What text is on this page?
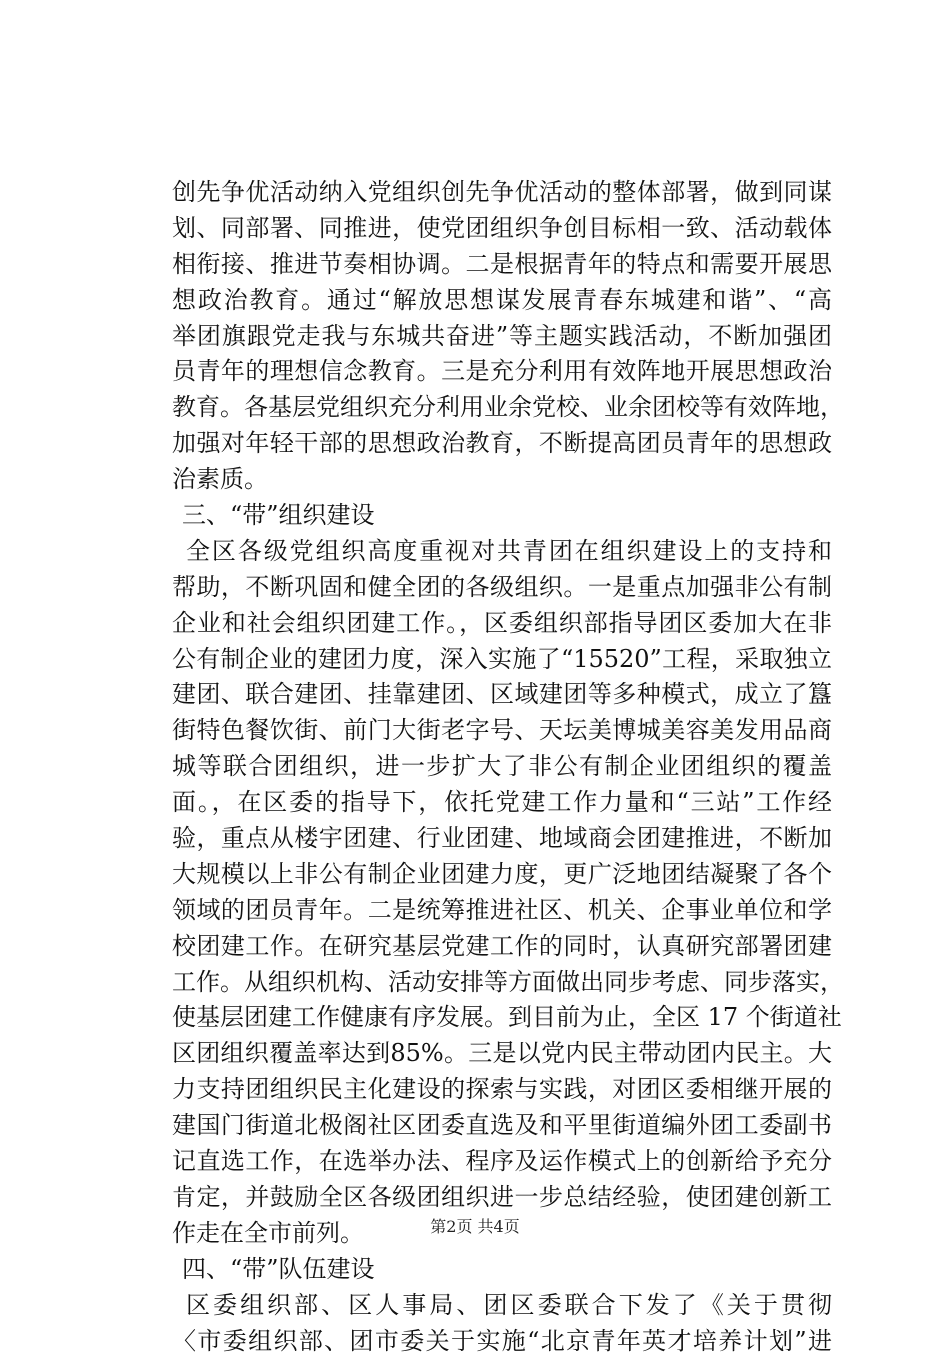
创先争优活动纳入党组织创先争优活动的整体部署，做到同谋
划、同部署、同推进，使党团组织争创目标相一致、活动载体
相衔接、推进节奏相协调。二是根据青年的特点和需要开展思
想政治教育。通过“解放思想谋发展青春东城建和谐”、“高
举团旗跟党走我与东城共奋进”等主题实践活动，不断加强团
员青年的理想信念教育。三是充分利用有效阵地开展思想政治
教育。各基层党组织充分利用业余党校、业余团校等有效阵地，
加强对年轻干部的思想政治教育，不断提高团员青年的思想政
治素质。
三、“带”组织建设
全区各级党组织高度重视对共青团在组织建设上的支持和
帮助，不断巩固和健全团的各级组织。一是重点加强非公有制
企业和社会组织团建工作。，区委组织部指导团区委加大在非
公有制企业的建团力度，深入实施了“15520”工程，采取独立
建团、联合建团、挂靠建团、区域建团等多种模式，成立了簋
街特色餐饮街、前门大街老字号、天坛美博城美容美发用品商
城等联合团组织，进一步扩大了非公有制企业团组织的覆盖
面。，在区委的指导下，依托党建工作力量和“三站”工作经
验，重点从楼宇团建、行业团建、地域商会团建推进，不断加
大规模以上非公有制企业团建力度，更广泛地团结凝聚了各个
领域的团员青年。二是统筹推进社区、机关、企事业单位和学
校团建工作。在研究基层党建工作的同时，认真研究部署团建
工作。从组织机构、活动安排等方面做出同步考虑、同步落实，
使基层团建工作健康有序发展。到目前为止，全区 17 个街道社
区团组织覆盖率达到85%。三是以党内民主带动团内民主。大
力支持团组织民主化建设的探索与实践，对团区委相继开展的
建国门街道北极阁社区团委直选及和平里街道编外团工委副书
记直选工作，在选举办法、程序及运作模式上的创新给予充分
肯定，并鼓励全区各级团组织进一步总结经验，使团建创新工
作走在全市前列。
四、“带”队伍建设
区委组织部、区人事局、团区委联合下发了《关于贯彻
〈市委组织部、团市委关于实施“北京青年英才培养计划”进
第2页 共4页
